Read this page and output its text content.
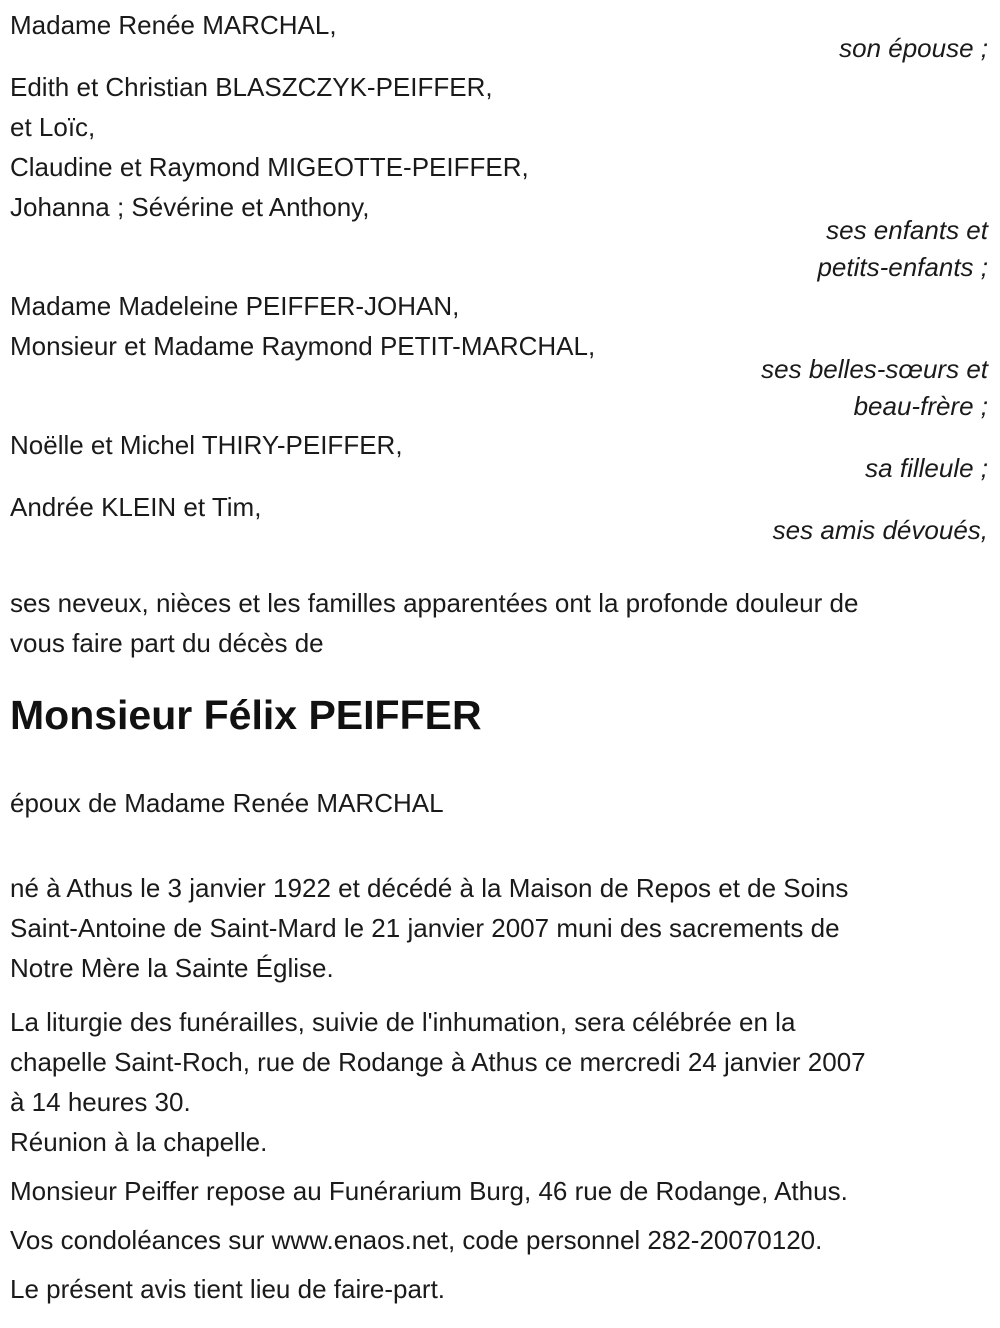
Madame Renée MARCHAL,
son épouse ;
Edith et Christian BLASZCZYK-PEIFFER,
et Loïc,
Claudine et Raymond MIGEOTTE-PEIFFER,
Johanna ; Sévérine et Anthony,
ses enfants et
petits-enfants ;
Madame Madeleine PEIFFER-JOHAN,
Monsieur et Madame Raymond PETIT-MARCHAL,
ses belles-sœurs et
beau-frère ;
Noëlle et Michel THIRY-PEIFFER,
sa filleule ;
Andrée KLEIN et Tim,
ses amis dévoués,
ses neveux, nièces et les familles apparentées ont la profonde douleur de
vous faire part du décès de
Monsieur Félix PEIFFER
époux de Madame Renée MARCHAL
né à Athus le 3 janvier 1922 et décédé à la Maison de Repos et de Soins
Saint-Antoine de Saint-Mard le 21 janvier 2007 muni des sacrements de
Notre Mère la Sainte Église.
La liturgie des funérailles, suivie de l'inhumation, sera célébrée en la
chapelle Saint-Roch, rue de Rodange à Athus ce mercredi 24 janvier 2007
à 14 heures 30.
Réunion à la chapelle.
Monsieur Peiffer repose au Funérarium Burg, 46 rue de Rodange, Athus.
Vos condoléances sur www.enaos.net, code personnel 282-20070120.
Le présent avis tient lieu de faire-part.
